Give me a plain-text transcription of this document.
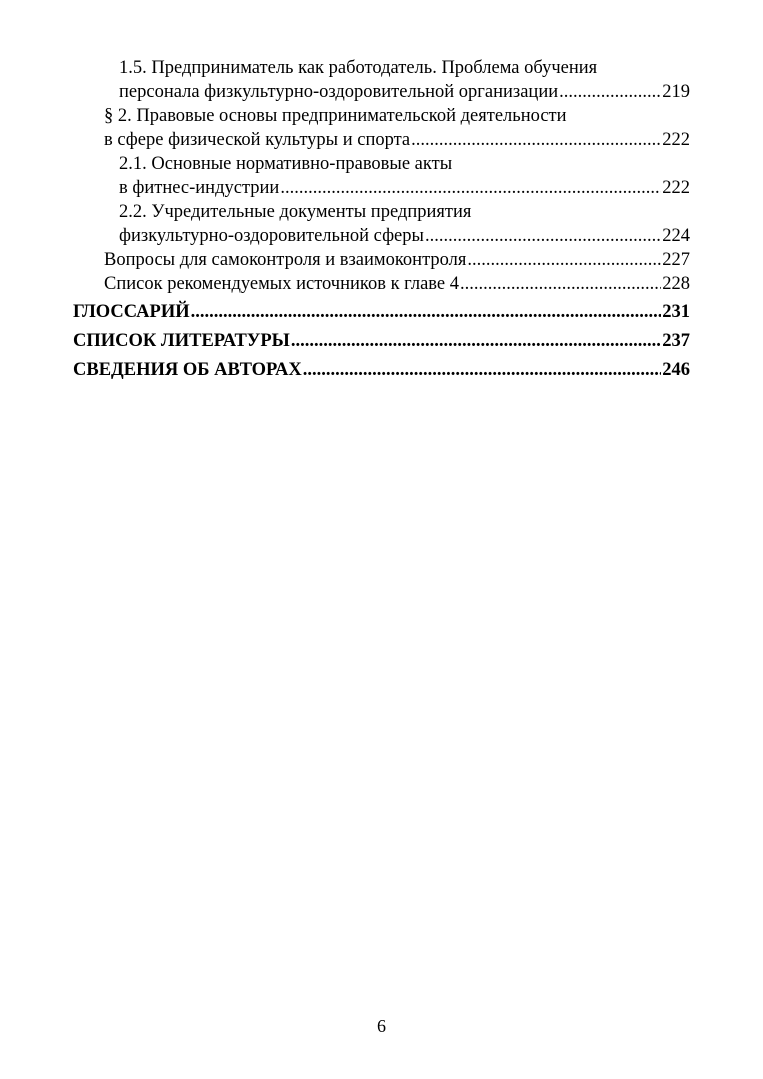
1.5. Предприниматель как работодатель. Проблема обучения
персонала физкультурно-оздоровительной организации .....	219
§ 2. Правовые основы предпринимательской деятельности
в сфере физической культуры и спорта .....	222
2.1. Основные нормативно-правовые акты
в фитнес-индустрии .....	222
2.2. Учредительные документы предприятия
физкультурно-оздоровительной сферы .....	224
Вопросы для самоконтроля и взаимоконтроля .....	227
Список рекомендуемых источников к главе 4 .....	228
ГЛОССАРИЙ .....	231
СПИСОК ЛИТЕРАТУРЫ .....	237
СВЕДЕНИЯ ОБ АВТОРАХ .....	246
6
